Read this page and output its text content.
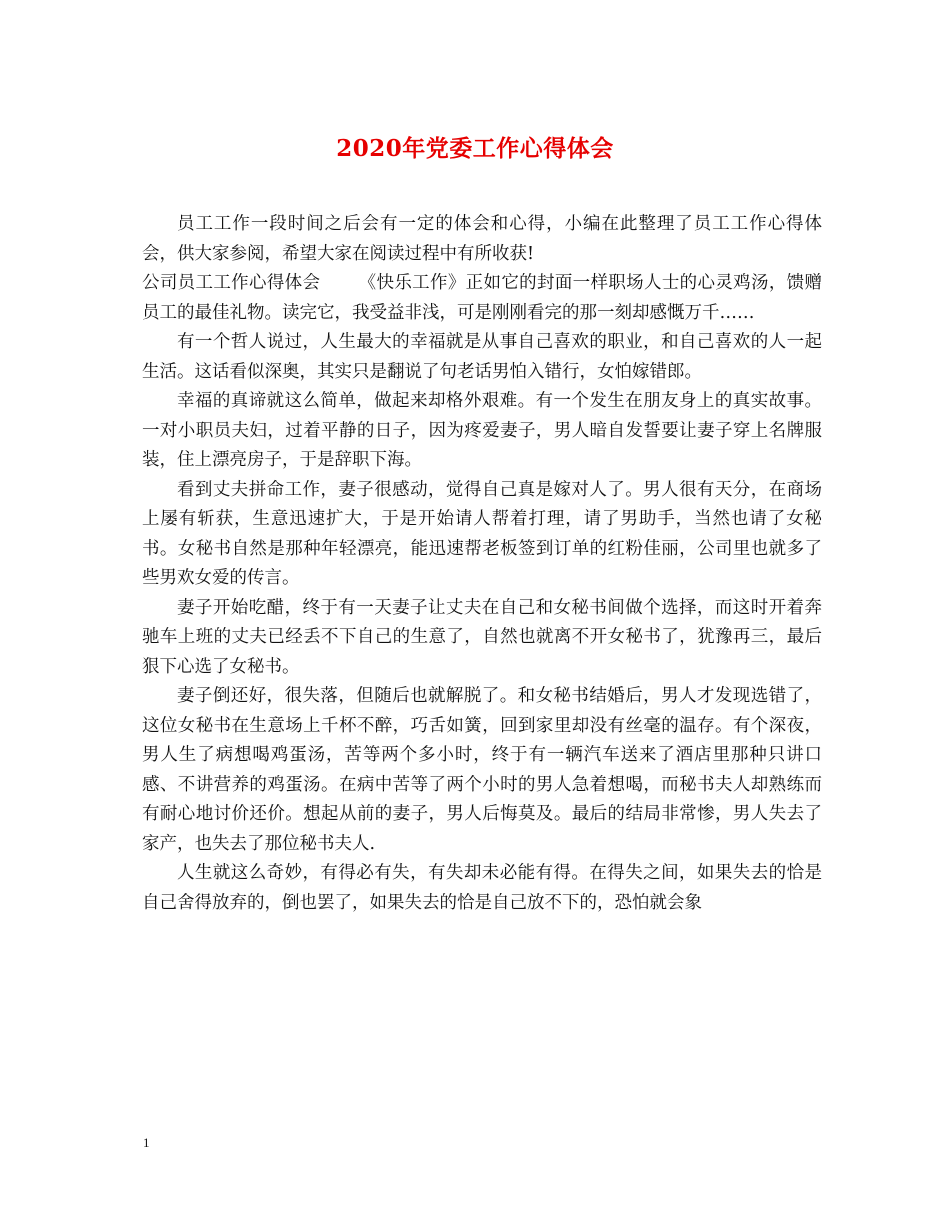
2020年党委工作心得体会

员工工作一段时间之后会有一定的体会和心得，小编在此整理了员工工作心得体会，供大家参阅，希望大家在阅读过程中有所收获!

公司员工工作心得体会 《快乐工作》正如它的封面一样职场人士的心灵鸡汤，馈赠员工的最佳礼物。读完它，我受益非浅，可是刚刚看完的那一刻却感慨万千……

有一个哲人说过，人生最大的幸福就是从事自己喜欢的职业，和自己喜欢的人一起生活。这话看似深奥，其实只是翻说了句老话男怕入错行，女怕嫁错郎。

幸福的真谛就这么简单，做起来却格外艰难。有一个发生在朋友身上的真实故事。一对小职员夫妇，过着平静的日子，因为疼爱妻子，男人暗自发誓要让妻子穿上名牌服装，住上漂亮房子，于是辞职下海。

看到丈夫拼命工作，妻子很感动，觉得自己真是嫁对人了。男人很有天分，在商场上屡有斩获，生意迅速扩大，于是开始请人帮着打理，请了男助手，当然也请了女秘书。女秘书自然是那种年轻漂亮，能迅速帮老板签到订单的红粉佳丽，公司里也就多了些男欢女爱的传言。

妻子开始吃醋，终于有一天妻子让丈夫在自己和女秘书间做个选择，而这时开着奔驰车上班的丈夫已经丢不下自己的生意了，自然也就离不开女秘书了，犹豫再三，最后狠下心选了女秘书。

妻子倒还好，很失落，但随后也就解脱了。和女秘书结婚后，男人才发现选错了，这位女秘书在生意场上千杯不醉，巧舌如簧，回到家里却没有丝毫的温存。有个深夜，男人生了病想喝鸡蛋汤，苦等两个多小时，终于有一辆汽车送来了酒店里那种只讲口感、不讲营养的鸡蛋汤。在病中苦等了两个小时的男人急着想喝，而秘书夫人却熟练而有耐心地讨价还价。想起从前的妻子，男人后悔莫及。最后的结局非常惨，男人失去了家产，也失去了那位秘书夫人.

人生就这么奇妙，有得必有失，有失却未必能有得。在得失之间，如果失去的恰是自己舍得放弃的，倒也罢了，如果失去的恰是自己放不下的，恐怕就会象

1
